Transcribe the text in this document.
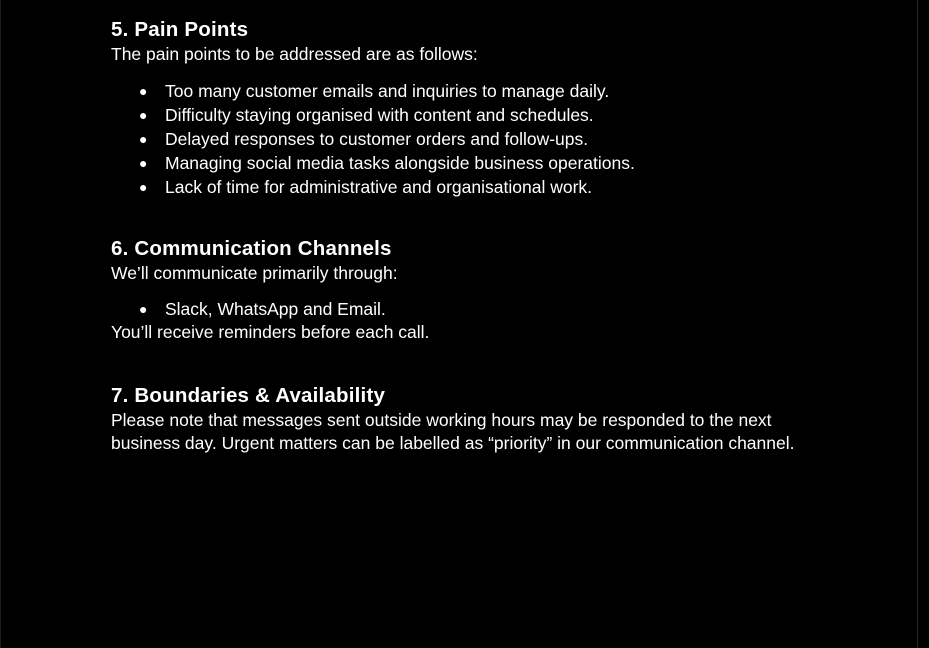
5. Pain Points

The pain points to be addressed are as follows:

● Too many customer emails and inquiries to manage daily.
● Difficulty staying organised with content and schedules.
● Delayed responses to customer orders and follow-ups.
● Managing social media tasks alongside business operations.
● Lack of time for administrative and organisational work.
6. Communication Channels

We’ll communicate primarily through:

● Slack, WhatsApp and Email.

You’ll receive reminders before each call.

7. Boundaries & Availability

Please note that messages sent outside working hours may be responded to the next business day. Urgent matters can be labelled as “priority” in our communication channel.
